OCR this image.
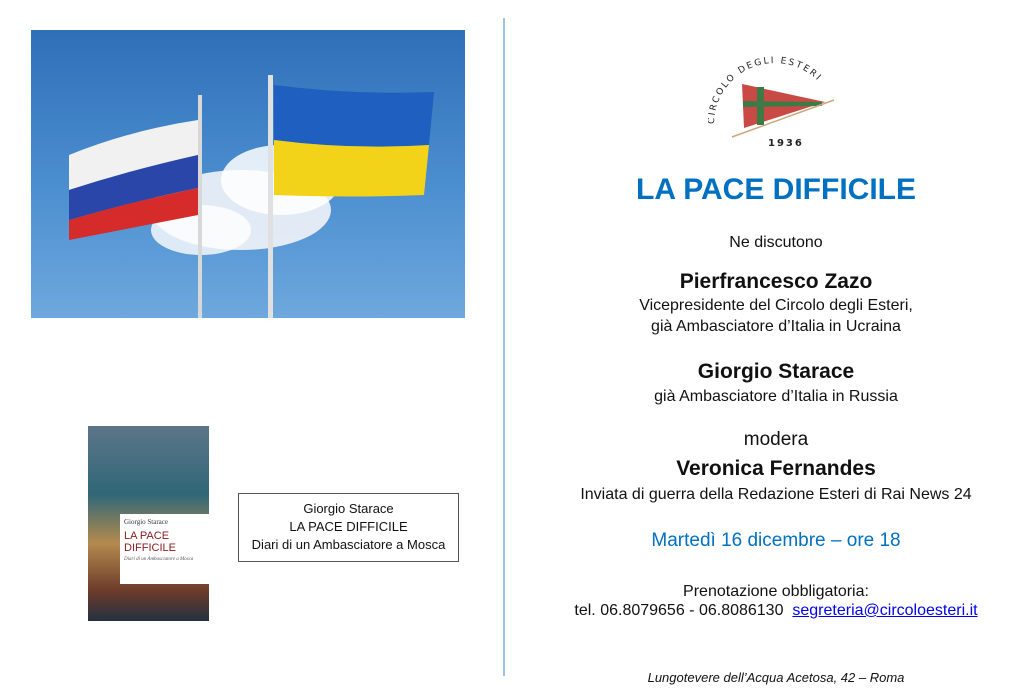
Giorgio Starace
LA PACE
DIFFICILE
Diari di un Ambasciatore a Mosca
Giorgio Starace
LA PACE DIFFICILE
Diari di un Ambasciatore a Mosca
IRCOLO DEGLI ESTERI
1936
LA PACE DIFFICILE
Ne discutono
Pierfrancesco Zazo
Vicepresidente del Circolo degli Esteri,
già Ambasciatore d’Italia in Ucraina
Giorgio Starace
già Ambasciatore d’Italia in Russia
modera
Veronica Fernandes
Inviata di guerra della Redazione Esteri di Rai News 24
Martedì 16 dicembre – ore 18
Prenotazione obbligatoria:
tel. 06.8079656 - 06.8086130 segreteria@circoloesteri.it
Lungotevere dell’Acqua Acetosa, 42 – Roma
